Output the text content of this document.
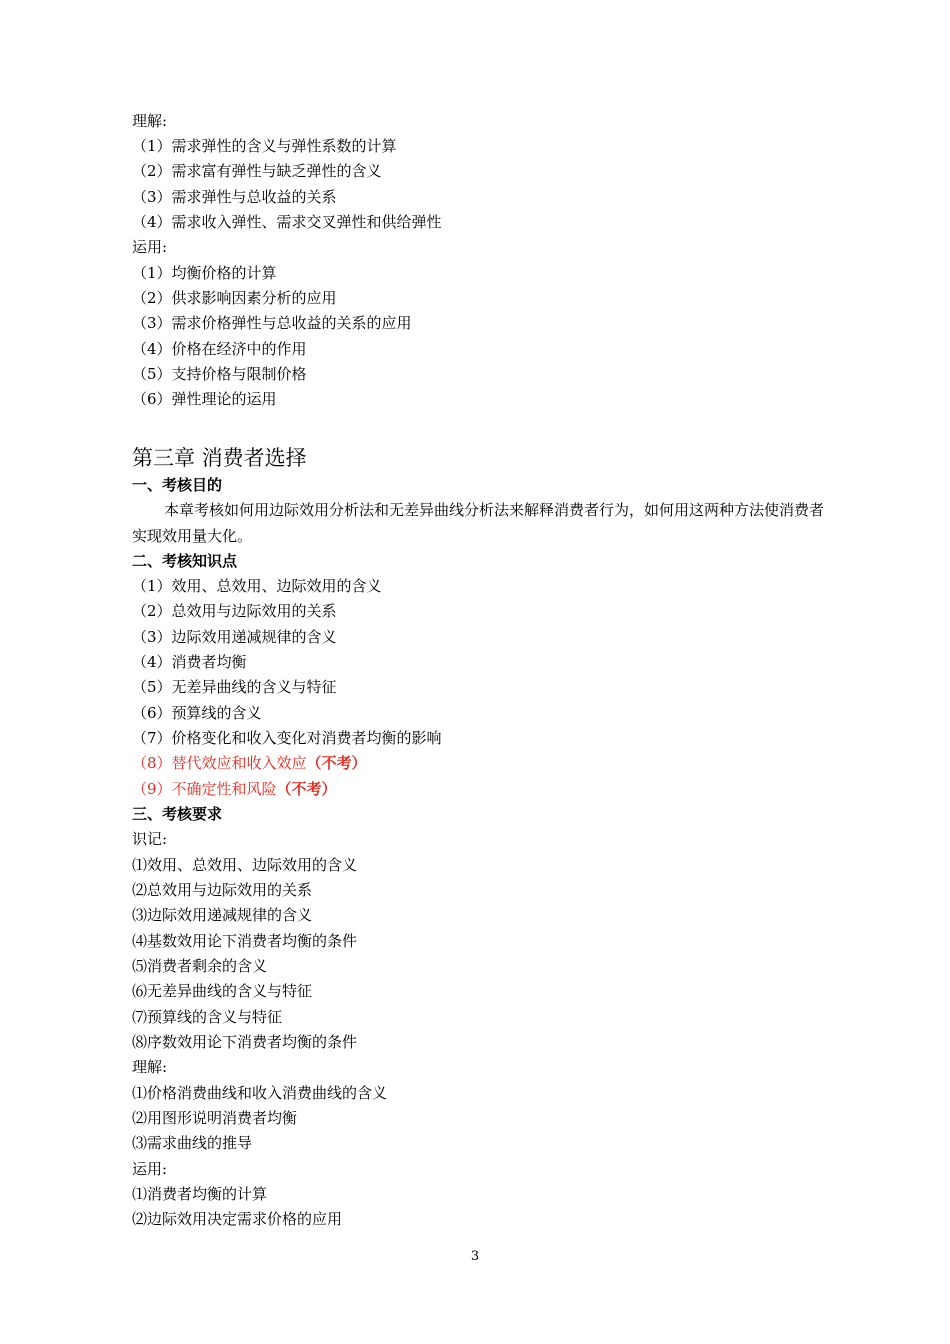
理解:
（1）需求弹性的含义与弹性系数的计算
（2）需求富有弹性与缺乏弹性的含义
（3）需求弹性与总收益的关系
（4）需求收入弹性、需求交叉弹性和供给弹性
运用:
（1）均衡价格的计算
（2）供求影响因素分析的应用
（3）需求价格弹性与总收益的关系的应用
（4）价格在经济中的作用
（5）支持价格与限制价格
（6）弹性理论的运用
第三章 消费者选择
一、考核目的
本章考核如何用边际效用分析法和无差异曲线分析法来解释消费者行为，如何用这两种方法使消费者实现效用量大化。
二、考核知识点
（1）效用、总效用、边际效用的含义
（2）总效用与边际效用的关系
（3）边际效用递减规律的含义
（4）消费者均衡
（5）无差异曲线的含义与特征
（6）预算线的含义
（7）价格变化和收入变化对消费者均衡的影响
（8）替代效应和收入效应（不考）
（9）不确定性和风险（不考）
三、考核要求
识记:
⑴效用、总效用、边际效用的含义
⑵总效用与边际效用的关系
⑶边际效用递减规律的含义
⑷基数效用论下消费者均衡的条件
⑸消费者剩余的含义
⑹无差异曲线的含义与特征
⑺预算线的含义与特征
⑻序数效用论下消费者均衡的条件
理解:
⑴价格消费曲线和收入消费曲线的含义
⑵用图形说明消费者均衡
⑶需求曲线的推导
运用:
⑴消费者均衡的计算
⑵边际效用决定需求价格的应用
3
